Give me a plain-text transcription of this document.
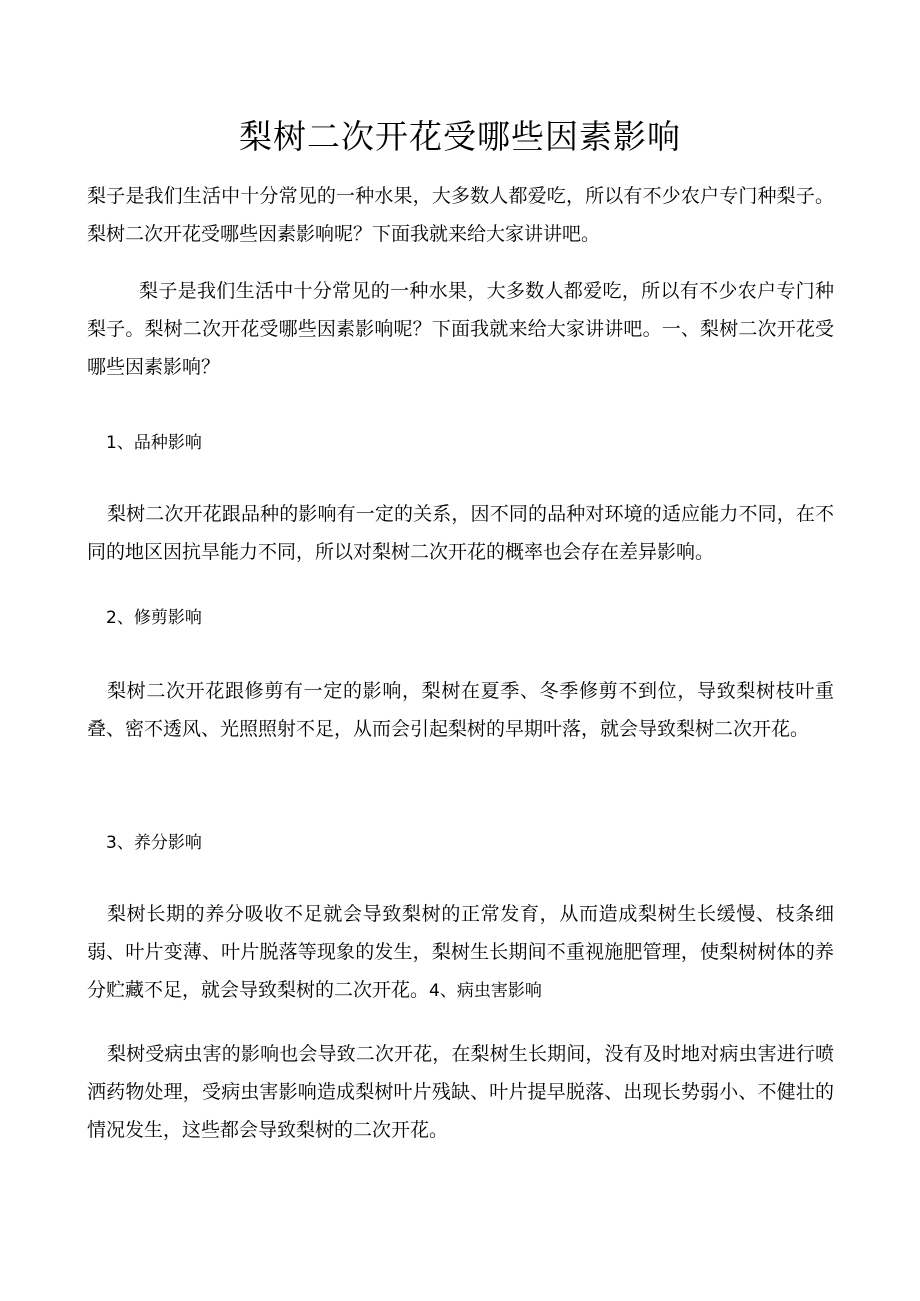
梨树二次开花受哪些因素影响

梨子是我们生活中十分常见的一种水果，大多数人都爱吃，所以有不少农户专门种梨子。梨树二次开花受哪些因素影响呢？下面我就来给大家讲讲吧。

梨子是我们生活中十分常见的一种水果，大多数人都爱吃，所以有不少农户专门种梨子。梨树二次开花受哪些因素影响呢？下面我就来给大家讲讲吧。一、梨树二次开花受哪些因素影响？

1、品种影响

梨树二次开花跟品种的影响有一定的关系，因不同的品种对环境的适应能力不同，在不同的地区因抗旱能力不同，所以对梨树二次开花的概率也会存在差异影响。

2、修剪影响

梨树二次开花跟修剪有一定的影响，梨树在夏季、冬季修剪不到位，导致梨树枝叶重叠、密不透风、光照照射不足，从而会引起梨树的早期叶落，就会导致梨树二次开花。

3、养分影响

梨树长期的养分吸收不足就会导致梨树的正常发育，从而造成梨树生长缓慢、枝条细弱、叶片变薄、叶片脱落等现象的发生，梨树生长期间不重视施肥管理，使梨树树体的养分贮藏不足，就会导致梨树的二次开花。4、病虫害影响

梨树受病虫害的影响也会导致二次开花，在梨树生长期间，没有及时地对病虫害进行喷洒药物处理，受病虫害影响造成梨树叶片残缺、叶片提早脱落、出现长势弱小、不健壮的情况发生，这些都会导致梨树的二次开花。
